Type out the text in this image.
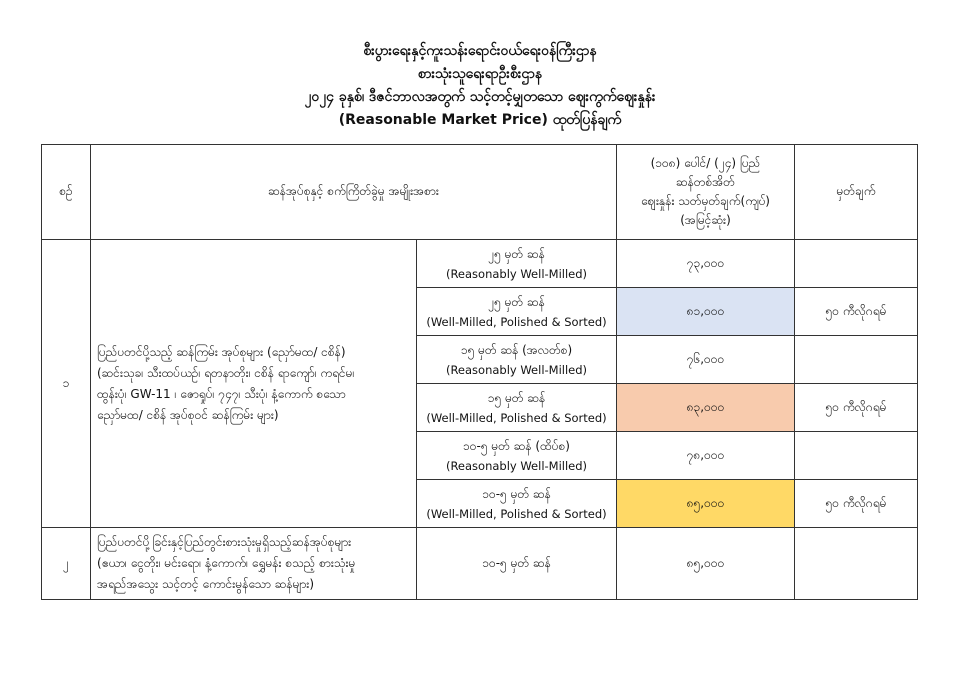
စီးပွားရေးနှင့်ကူးသန်းရောင်းဝယ်ရေးဝန်ကြီးဌာန
စားသုံးသူရေးရာဦးစီးဌာန
၂၀၂၄ ခုနှစ်၊ ဒီဇင်ဘာလအတွက် သင့်တင့်မျှတသော ဈေးကွက်ဈေးနှုန်း
(Reasonable Market Price) ထုတ်ပြန်ချက်
စဉ်	ဆန်အုပ်စုနှင့် စက်ကြိတ်ခွဲမှု အမျိုးအစား		(၁၀၈) ပေါင်/ (၂၄) ပြည်
ဆန်တစ်အိတ်
ဈေးနှုန်း သတ်မှတ်ချက်(ကျပ်)
(အမြင့်ဆုံး)	မှတ်ချက်
၁	ပြည်ပတင်ပို့သည့် ဆန်ကြမ်း အုပ်စုများ (ညှော်မထ/ ငစိန်)
(ဆင်းသုခ၊ သီးထပ်ယဉ်၊ ရတနာတိုး၊ ငစိန် ရာကျော်၊ ကရင်မ၊
ထွန်းပုံ၊ GW-11 ၊ ဇောရှုပ်၊ ၇၄၇၊ သီးပုံ၊ နံ့ကောက် စသော
ညှော်မထ/ ငစိန် အုပ်စုဝင် ဆန်ကြမ်း များ)	၂၅ မှတ် ဆန်
(Reasonably Well-Milled)	၇၃,၀၀၀	
		၂၅ မှတ် ဆန်
(Well-Milled, Polished & Sorted)	၈၁,၀၀၀	၅၀ ကီလိုဂရမ်
		၁၅ မှတ် ဆန် (အလတ်စ)
(Reasonably Well-Milled)	၇၆,၀၀၀	
		၁၅ မှတ် ဆန်
(Well-Milled, Polished & Sorted)	၈၃,၀၀၀	၅၀ ကီလိုဂရမ်
		၁၀-၅ မှတ် ဆန် (ထိပ်စ)
(Reasonably Well-Milled)	၇၈,၀၀၀	
		၁၀-၅ မှတ် ဆန်
(Well-Milled, Polished & Sorted)	၈၅,၀၀၀	၅၀ ကီလိုဂရမ်
၂	ပြည်ပတင်ပို့ခြင်းနှင့်ပြည်တွင်းစားသုံးမှုရှိသည့်ဆန်အုပ်စုများ
(ဧယာ၊ ငွေတိုး၊ မင်းရော၊ နံ့ကောက်၊ ရွှေမန်း စသည့် စားသုံးမှု
အရည်အသွေး သင့်တင့် ကောင်းမွန်သော ဆန်များ)	၁၀-၅ မှတ် ဆန်	၈၅,၀၀၀	
